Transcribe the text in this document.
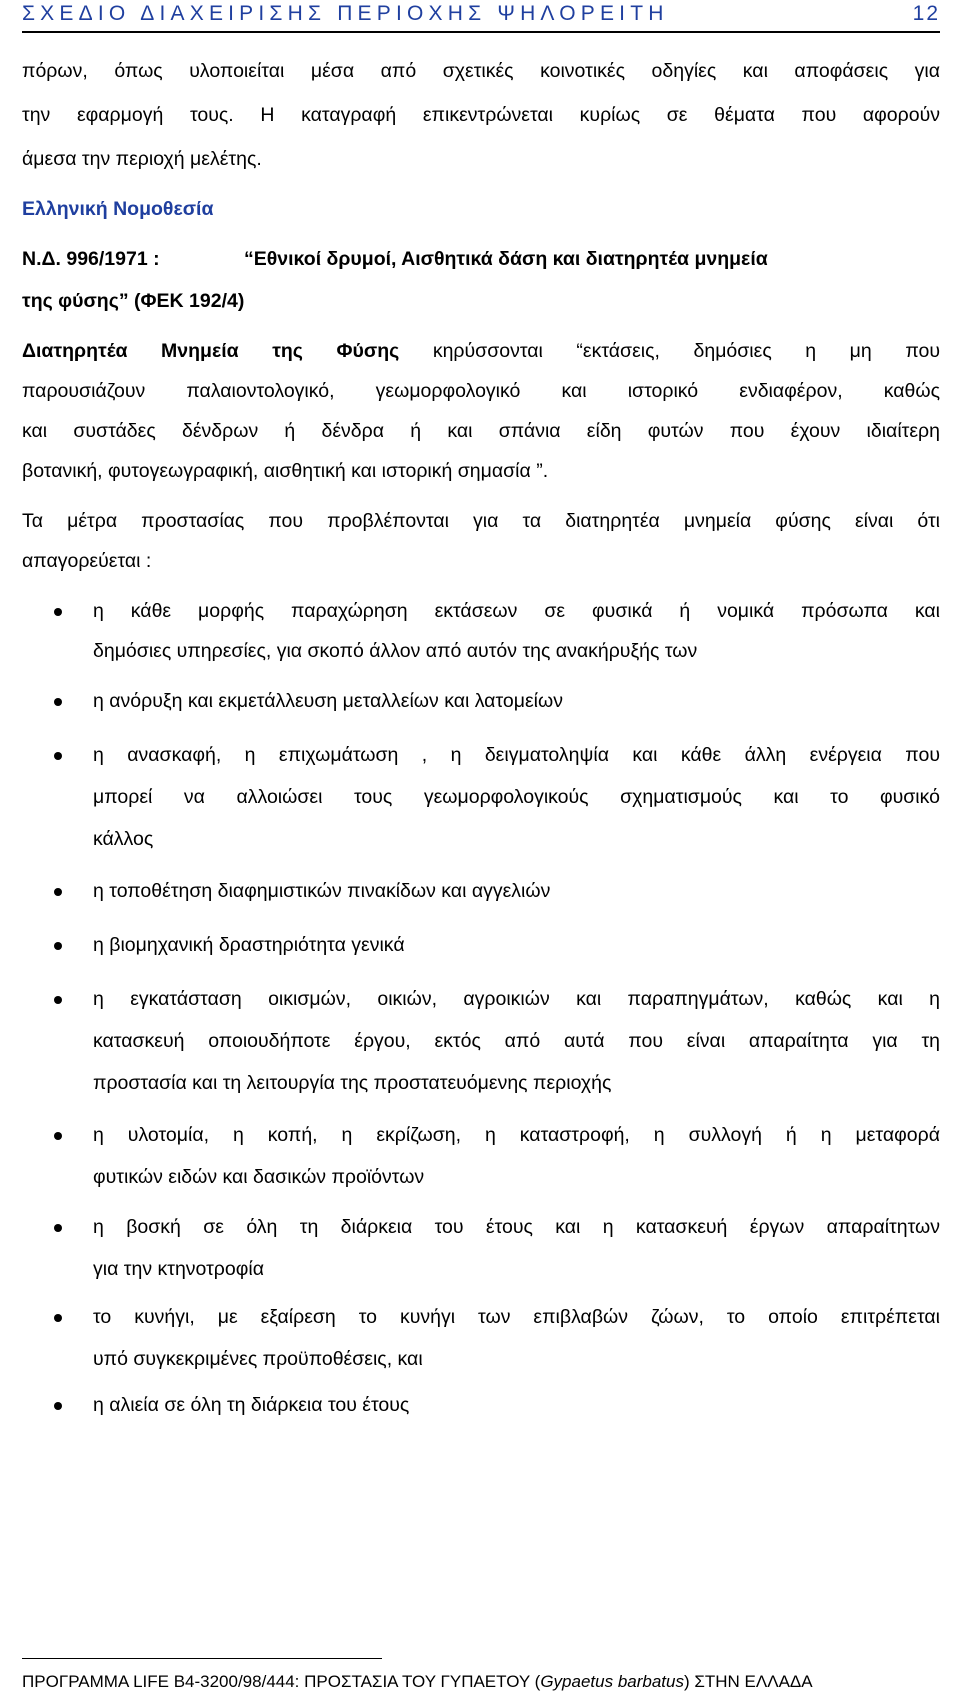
ΣΧΕΔΙΟ ΔΙΑΧΕΙΡΙΣΗΣ ΠΕΡΙΟΧΗΣ ΨΗΛΟΡΕΙΤΗ	12
πόρων, όπως υλοποιείται μέσα από σχετικές κοινοτικές οδηγίες και αποφάσεις για
την εφαρμογή τους. Η καταγραφή επικεντρώνεται κυρίως σε θέματα που αφορούν
άμεσα την περιοχή μελέτης.
Ελληνική Νομοθεσία
Ν.Δ. 996/1971 :	“Εθνικοί δρυμοί, Αισθητικά δάση και διατηρητέα μνημεία
της φύσης” (ΦΕΚ 192/4)
Διατηρητέα Μνημεία της Φύσης κηρύσσονται “εκτάσεις, δημόσιες η μη που
παρουσιάζουν παλαιοντολογικό, γεωμορφολογικό και ιστορικό ενδιαφέρον, καθώς
και συστάδες δένδρων ή δένδρα ή και σπάνια είδη φυτών που έχουν ιδιαίτερη
βοτανική, φυτογεωγραφική, αισθητική και ιστορική σημασία ”.
Τα μέτρα προστασίας που προβλέπονται για τα διατηρητέα μνημεία φύσης είναι ότι
απαγορεύεται :
η κάθε μορφής παραχώρηση εκτάσεων σε φυσικά ή νομικά πρόσωπα και
δημόσιες υπηρεσίες, για σκοπό άλλον από αυτόν της ανακήρυξής των
η ανόρυξη και εκμετάλλευση μεταλλείων και λατομείων
η ανασκαφή, η επιχωμάτωση , η δειγματοληψία και κάθε άλλη ενέργεια που
μπορεί να αλλοιώσει τους γεωμορφολογικούς σχηματισμούς και το φυσικό
κάλλος
η τοποθέτηση διαφημιστικών πινακίδων και αγγελιών
η βιομηχανική δραστηριότητα γενικά
η εγκατάσταση οικισμών, οικιών, αγροικιών και παραπηγμάτων, καθώς και η
κατασκευή οποιουδήποτε έργου, εκτός από αυτά που είναι απαραίτητα για τη
προστασία και τη λειτουργία της προστατευόμενης περιοχής
η υλοτομία, η κοπή, η εκρίζωση, η καταστροφή, η συλλογή ή η μεταφορά
φυτικών ειδών και δασικών προϊόντων
η βοσκή σε όλη τη διάρκεια του έτους και η κατασκευή έργων απαραίτητων
για την κτηνοτροφία
το κυνήγι, με εξαίρεση το κυνήγι των επιβλαβών ζώων, το οποίο επιτρέπεται
υπό συγκεκριμένες προϋποθέσεις, και
η αλιεία σε όλη τη διάρκεια του έτους
ΠΡΟΓΡΑΜΜΑ LIFE B4-3200/98/444: ΠΡΟΣΤΑΣΙΑ ΤΟΥ ΓΥΠΑΕΤΟΥ (Gypaetus barbatus) ΣΤΗΝ ΕΛΛΑΔΑ
